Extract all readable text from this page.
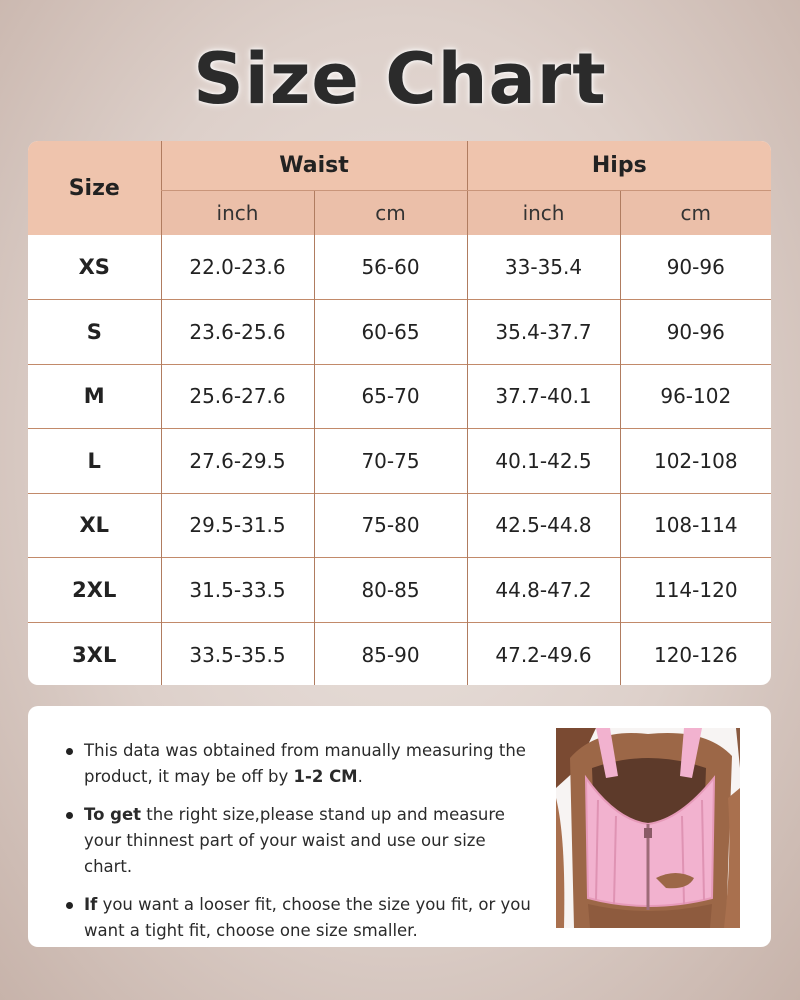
Size Chart
Size	Waist		Hips	
	inch	cm	inch	cm
XS	22.0-23.6	56-60	33-35.4	90-96
S	23.6-25.6	60-65	35.4-37.7	90-96
M	25.6-27.6	65-70	37.7-40.1	96-102
L	27.6-29.5	70-75	40.1-42.5	102-108
XL	29.5-31.5	75-80	42.5-44.8	108-114
2XL	31.5-33.5	80-85	44.8-47.2	114-120
3XL	33.5-35.5	85-90	47.2-49.6	120-126
This data was obtained from manually measuring the product, it may be off by 1-2 CM.
To get the right size,please stand up and measure your thinnest part of your waist and use our size chart.
If you want a looser fit, choose the size you fit, or you want a tight fit, choose one size smaller.
